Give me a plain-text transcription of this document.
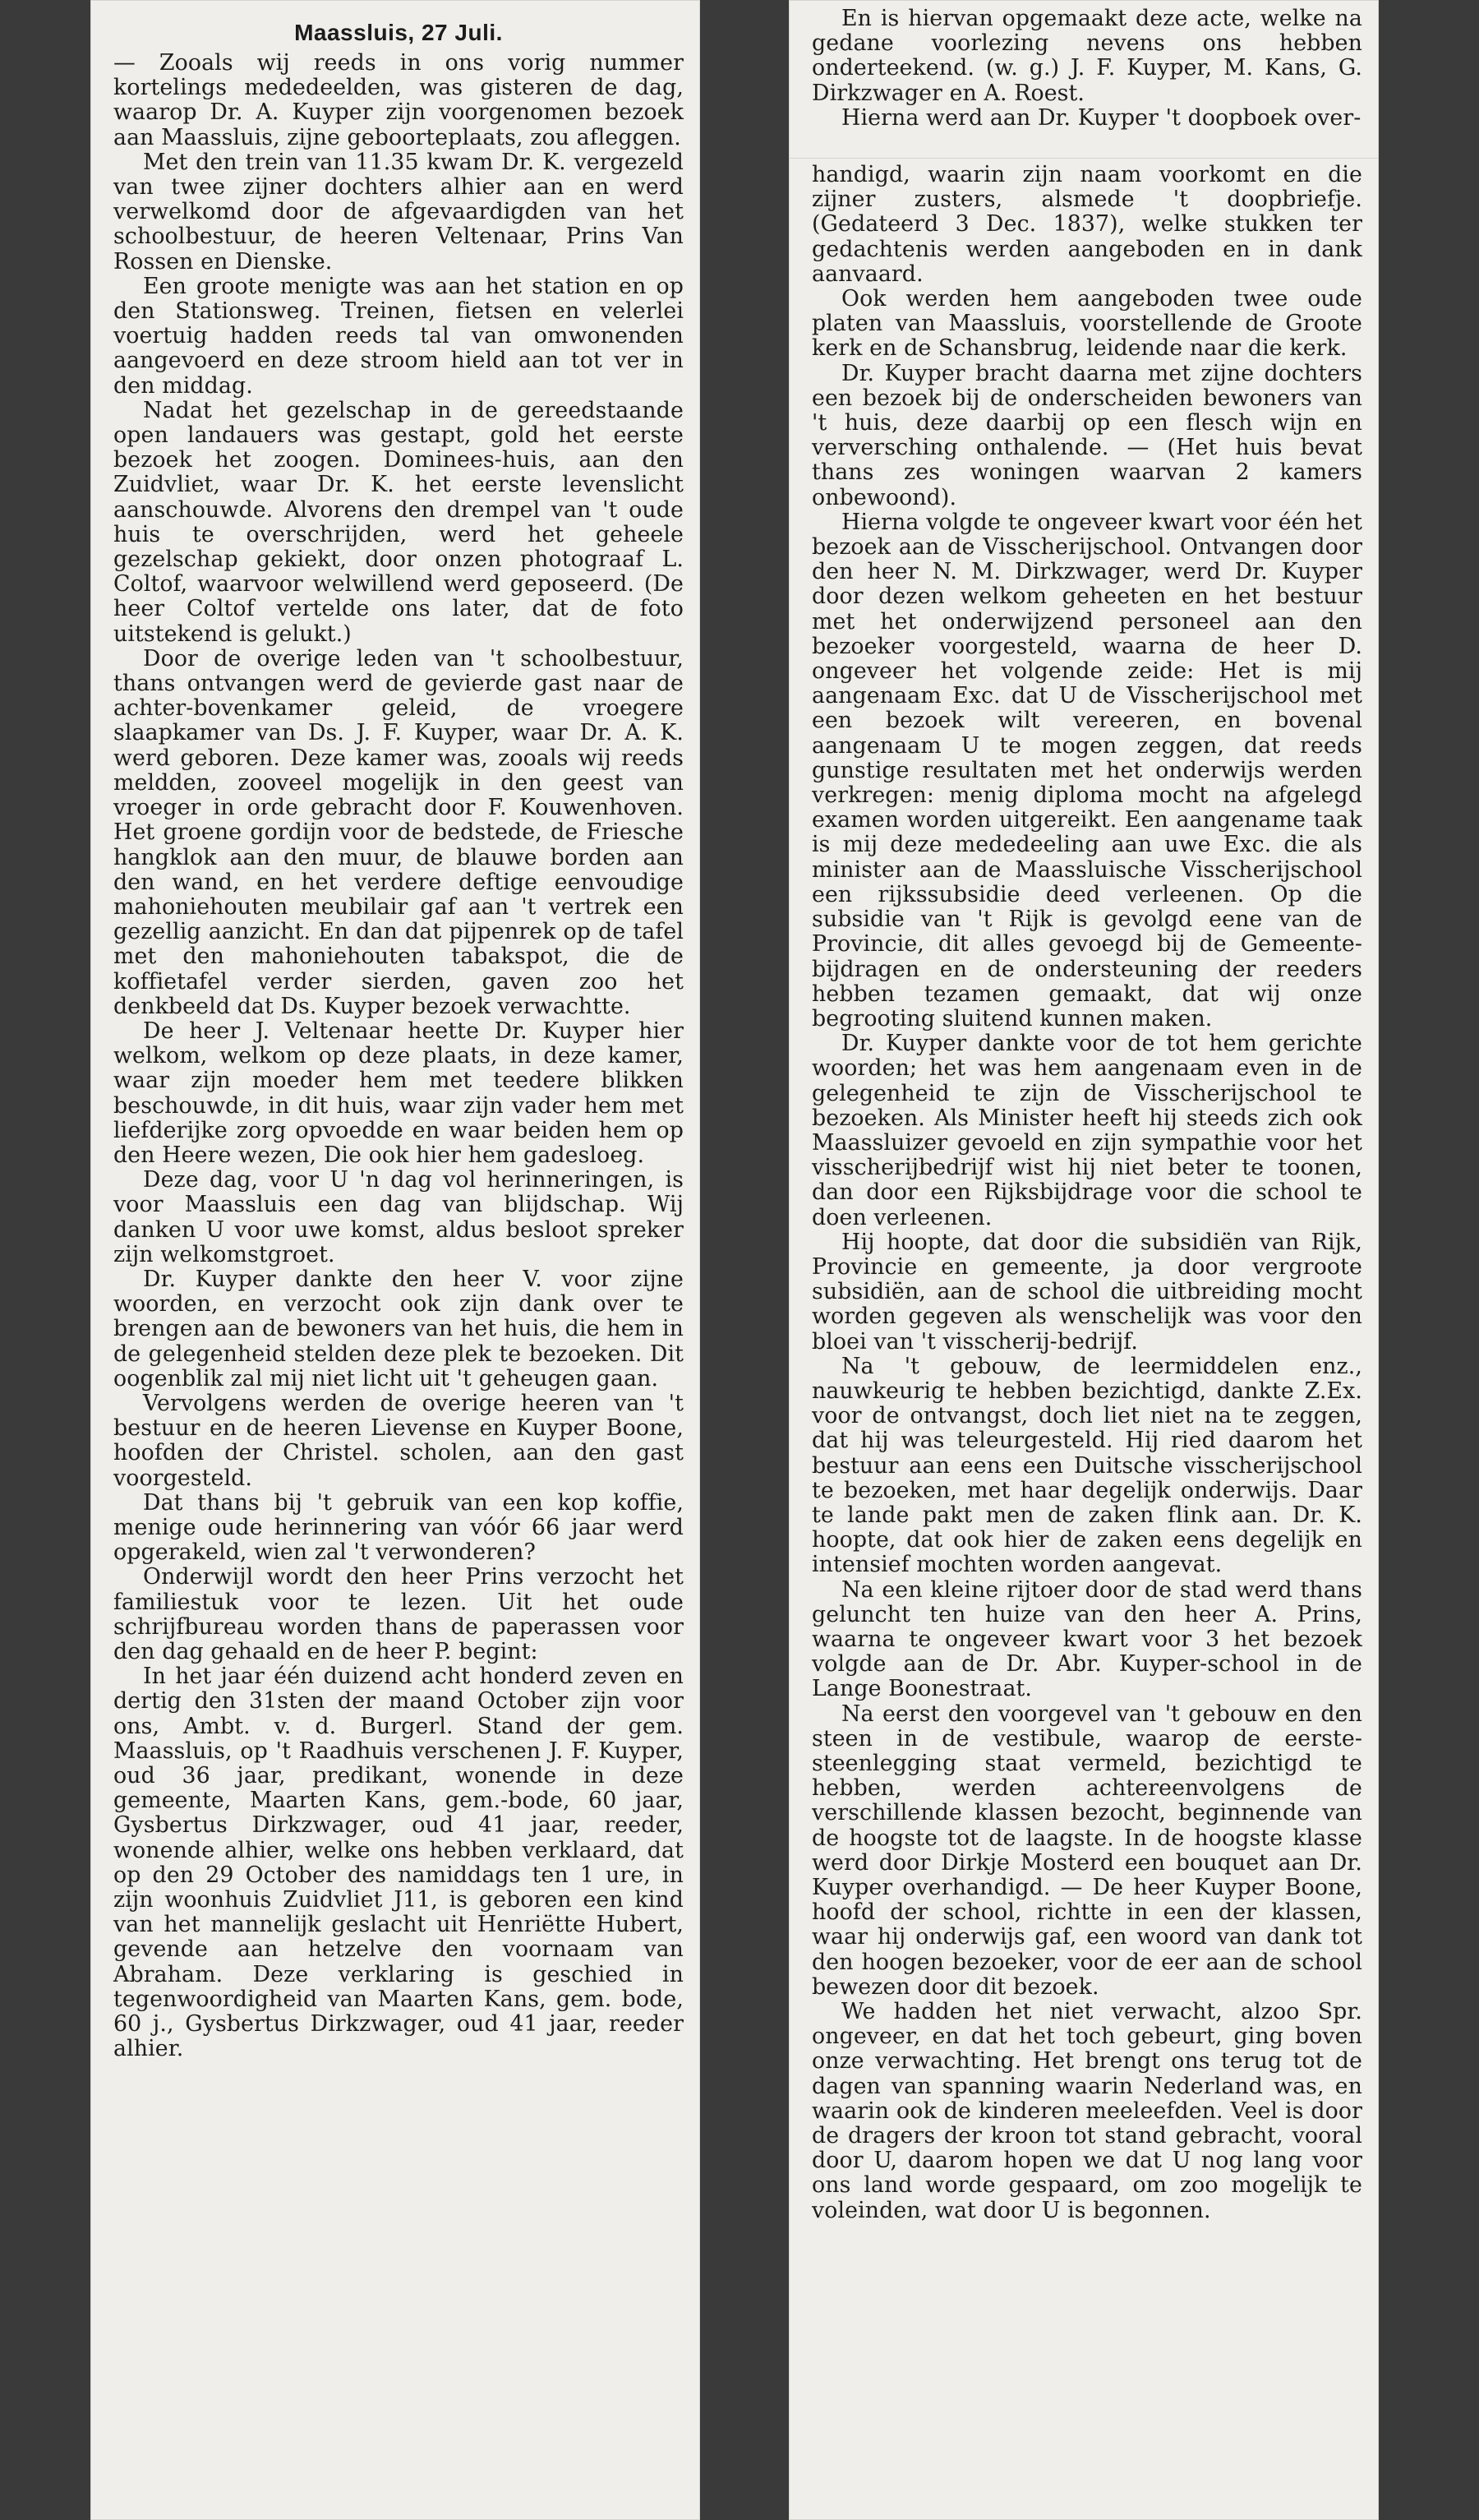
Maassluis, 27 Juli.

— Zooals wij reeds in ons vorig nummer kortelings mededeelden, was gisteren de dag, waarop Dr. A. Kuyper zijn voorgenomen bezoek aan Maassluis, zijne geboorteplaats, zou afleggen.

Met den trein van 11.35 kwam Dr. K. vergezeld van twee zijner dochters alhier aan en werd verwelkomd door de afgevaardigden van het schoolbestuur, de heeren Veltenaar, Prins Van Rossen en Dienske.

Een groote menigte was aan het station en op den Stationsweg. Treinen, fietsen en velerlei voertuig hadden reeds tal van omwonenden aangevoerd en deze stroom hield aan tot ver in den middag.

Nadat het gezelschap in de gereedstaande open landauers was gestapt, gold het eerste bezoek het zoogen. Dominees-huis, aan den Zuidvliet, waar Dr. K. het eerste levenslicht aanschouwde. Alvorens den drempel van 't oude huis te overschrijden, werd het geheele gezelschap gekiekt, door onzen photograaf L. Coltof, waarvoor welwillend werd geposeerd. (De heer Coltof vertelde ons later, dat de foto uitstekend is gelukt.)

Door de overige leden van 't schoolbestuur, thans ontvangen werd de gevierde gast naar de achter-bovenkamer geleid, de vroegere slaapkamer van Ds. J. F. Kuyper, waar Dr. A. K. werd geboren. Deze kamer was, zooals wij reeds meldden, zooveel mogelijk in den geest van vroeger in orde gebracht door F. Kouwenhoven. Het groene gordijn voor de bedstede, de Friesche hangklok aan den muur, de blauwe borden aan den wand, en het verdere deftige eenvoudige mahoniehouten meubilair gaf aan 't vertrek een gezellig aanzicht. En dan dat pijpenrek op de tafel met den mahoniehouten tabakspot, die de koffietafel verder sierden, gaven zoo het denkbeeld dat Ds. Kuyper bezoek verwachtte.

De heer J. Veltenaar heette Dr. Kuyper hier welkom, welkom op deze plaats, in deze kamer, waar zijn moeder hem met teedere blikken beschouwde, in dit huis, waar zijn vader hem met liefderijke zorg opvoedde en waar beiden hem op den Heere wezen, Die ook hier hem gadesloeg.

Deze dag, voor U 'n dag vol herinneringen, is voor Maassluis een dag van blijdschap. Wij danken U voor uwe komst, aldus besloot spreker zijn welkomstgroet.

Dr. Kuyper dankte den heer V. voor zijne woorden, en verzocht ook zijn dank over te brengen aan de bewoners van het huis, die hem in de gelegenheid stelden deze plek te bezoeken. Dit oogenblik zal mij niet licht uit 't geheugen gaan.

Vervolgens werden de overige heeren van 't bestuur en de heeren Lievense en Kuyper Boone, hoofden der Christel. scholen, aan den gast voorgesteld.

Dat thans bij 't gebruik van een kop koffie, menige oude herinnering van vóór 66 jaar werd opgerakeld, wien zal 't verwonderen?

Onderwijl wordt den heer Prins verzocht het familiestuk voor te lezen. Uit het oude schrijfbureau worden thans de paperassen voor den dag gehaald en de heer P. begint:

In het jaar één duizend acht honderd zeven en dertig den 31sten der maand October zijn voor ons, Ambt. v. d. Burgerl. Stand der gem. Maassluis, op 't Raadhuis verschenen J. F. Kuyper, oud 36 jaar, predikant, wonende in deze gemeente, Maarten Kans, gem.-bode, 60 jaar, Gysbertus Dirkzwager, oud 41 jaar, reeder, wonende alhier, welke ons hebben verklaard, dat op den 29 October des namiddags ten 1 ure, in zijn woonhuis Zuidvliet J11, is geboren een kind van het mannelijk geslacht uit Henriëtte Hubert, gevende aan hetzelve den voornaam van Abraham. Deze verklaring is geschied in tegenwoordigheid van Maarten Kans, gem. bode, 60 j., Gysbertus Dirkzwager, oud 41 jaar, reeder alhier.

En is hiervan opgemaakt deze acte, welke na gedane voorlezing nevens ons hebben onderteekend. (w. g.) J. F. Kuyper, M. Kans, G. Dirkzwager en A. Roest.

Hierna werd aan Dr. Kuyper 't doopboek over-

handigd, waarin zijn naam voorkomt en die zijner zusters, alsmede 't doopbriefje. (Gedateerd 3 Dec. 1837), welke stukken ter gedachtenis werden aangeboden en in dank aanvaard.

Ook werden hem aangeboden twee oude platen van Maassluis, voorstellende de Groote kerk en de Schansbrug, leidende naar die kerk.

Dr. Kuyper bracht daarna met zijne dochters een bezoek bij de onderscheiden bewoners van 't huis, deze daarbij op een flesch wijn en verversching onthalende. — (Het huis bevat thans zes woningen waarvan 2 kamers onbewoond).

Hierna volgde te ongeveer kwart voor één het bezoek aan de Visscherijschool. Ontvangen door den heer N. M. Dirkzwager, werd Dr. Kuyper door dezen welkom geheeten en het bestuur met het onderwijzend personeel aan den bezoeker voorgesteld, waarna de heer D. ongeveer het volgende zeide: Het is mij aangenaam Exc. dat U de Visscherijschool met een bezoek wilt vereeren, en bovenal aangenaam U te mogen zeggen, dat reeds gunstige resultaten met het onderwijs werden verkregen: menig diploma mocht na afgelegd examen worden uitgereikt. Een aangename taak is mij deze mededeeling aan uwe Exc. die als minister aan de Maassluische Visscherijschool een rijkssubsidie deed verleenen. Op die subsidie van 't Rijk is gevolgd eene van de Provincie, dit alles gevoegd bij de Gemeente-bijdragen en de ondersteuning der reeders hebben tezamen gemaakt, dat wij onze begrooting sluitend kunnen maken.

Dr. Kuyper dankte voor de tot hem gerichte woorden; het was hem aangenaam even in de gelegenheid te zijn de Visscherijschool te bezoeken. Als Minister heeft hij steeds zich ook Maassluizer gevoeld en zijn sympathie voor het visscherijbedrijf wist hij niet beter te toonen, dan door een Rijksbijdrage voor die school te doen verleenen.

Hij hoopte, dat door die subsidiën van Rijk, Provincie en gemeente, ja door vergroote subsidiën, aan de school die uitbreiding mocht worden gegeven als wenschelijk was voor den bloei van 't visscherij-bedrijf.

Na 't gebouw, de leermiddelen enz., nauwkeurig te hebben bezichtigd, dankte Z.Ex. voor de ontvangst, doch liet niet na te zeggen, dat hij was teleurgesteld. Hij ried daarom het bestuur aan eens een Duitsche visscherijschool te bezoeken, met haar degelijk onderwijs. Daar te lande pakt men de zaken flink aan. Dr. K. hoopte, dat ook hier de zaken eens degelijk en intensief mochten worden aangevat.

Na een kleine rijtoer door de stad werd thans geluncht ten huize van den heer A. Prins, waarna te ongeveer kwart voor 3 het bezoek volgde aan de Dr. Abr. Kuyper-school in de Lange Boonestraat.

Na eerst den voorgevel van 't gebouw en den steen in de vestibule, waarop de eerste-steenlegging staat vermeld, bezichtigd te hebben, werden achtereenvolgens de verschillende klassen bezocht, beginnende van de hoogste tot de laagste. In de hoogste klasse werd door Dirkje Mosterd een bouquet aan Dr. Kuyper overhandigd. — De heer Kuyper Boone, hoofd der school, richtte in een der klassen, waar hij onderwijs gaf, een woord van dank tot den hoogen bezoeker, voor de eer aan de school bewezen door dit bezoek.

We hadden het niet verwacht, alzoo Spr. ongeveer, en dat het toch gebeurt, ging boven onze verwachting. Het brengt ons terug tot de dagen van spanning waarin Nederland was, en waarin ook de kinderen meeleefden. Veel is door de dragers der kroon tot stand gebracht, vooral door U, daarom hopen we dat U nog lang voor ons land worde gespaard, om zoo mogelijk te voleinden, wat door U is begonnen.
